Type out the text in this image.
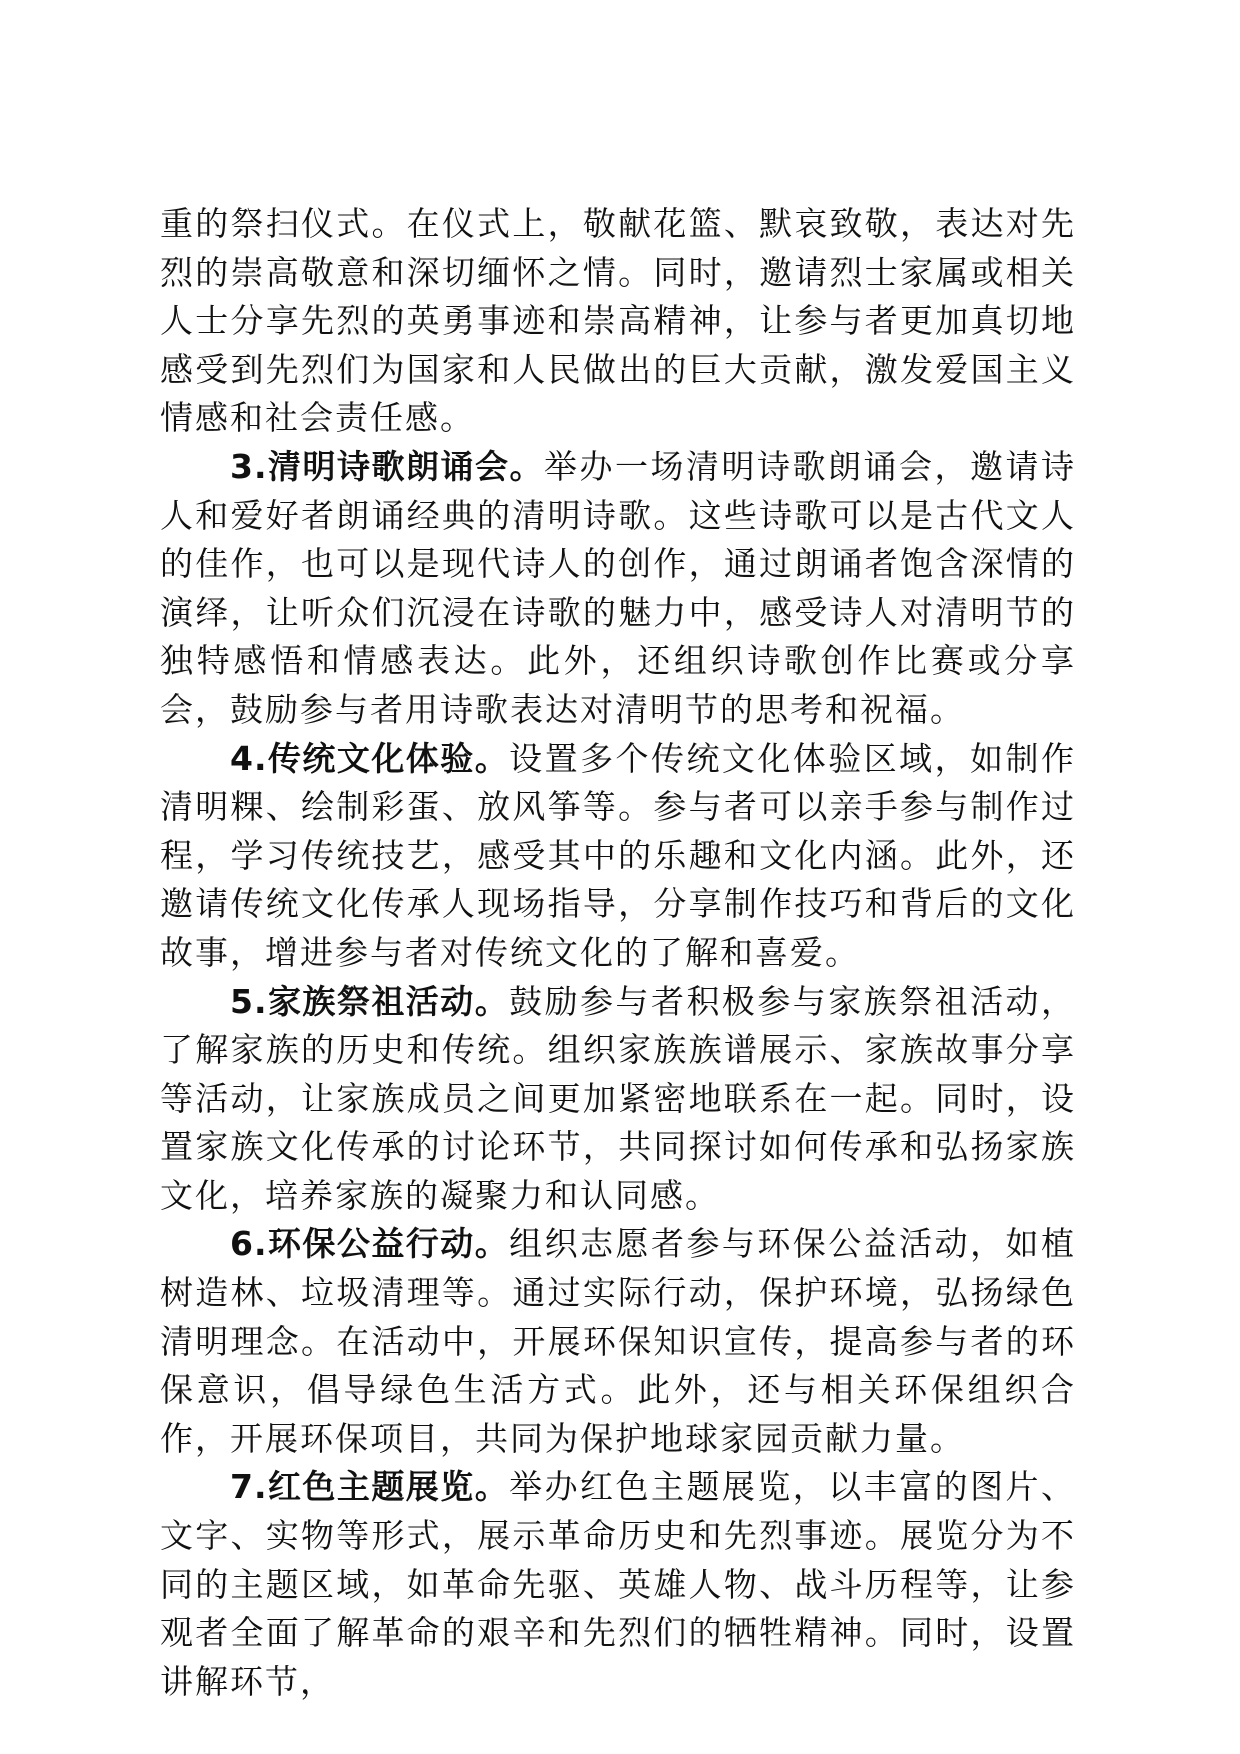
重的祭扫仪式。在仪式上，敬献花篮、默哀致敬，表达对先烈的崇高敬意和深切缅怀之情。同时，邀请烈士家属或相关人士分享先烈的英勇事迹和崇高精神，让参与者更加真切地感受到先烈们为国家和人民做出的巨大贡献，激发爱国主义情感和社会责任感。

3.清明诗歌朗诵会。举办一场清明诗歌朗诵会，邀请诗人和爱好者朗诵经典的清明诗歌。这些诗歌可以是古代文人的佳作，也可以是现代诗人的创作，通过朗诵者饱含深情的演绎，让听众们沉浸在诗歌的魅力中，感受诗人对清明节的独特感悟和情感表达。此外，还组织诗歌创作比赛或分享会，鼓励参与者用诗歌表达对清明节的思考和祝福。

4.传统文化体验。设置多个传统文化体验区域，如制作清明粿、绘制彩蛋、放风筝等。参与者可以亲手参与制作过程，学习传统技艺，感受其中的乐趣和文化内涵。此外，还邀请传统文化传承人现场指导，分享制作技巧和背后的文化故事，增进参与者对传统文化的了解和喜爱。

5.家族祭祖活动。鼓励参与者积极参与家族祭祖活动，了解家族的历史和传统。组织家族族谱展示、家族故事分享等活动，让家族成员之间更加紧密地联系在一起。同时，设置家族文化传承的讨论环节，共同探讨如何传承和弘扬家族文化，培养家族的凝聚力和认同感。

6.环保公益行动。组织志愿者参与环保公益活动，如植树造林、垃圾清理等。通过实际行动，保护环境，弘扬绿色清明理念。在活动中，开展环保知识宣传，提高参与者的环保意识，倡导绿色生活方式。此外，还与相关环保组织合作，开展环保项目，共同为保护地球家园贡献力量。

7.红色主题展览。举办红色主题展览，以丰富的图片、文字、实物等形式，展示革命历史和先烈事迹。展览分为不同的主题区域，如革命先驱、英雄人物、战斗历程等，让参观者全面了解革命的艰辛和先烈们的牺牲精神。同时，设置讲解环节，
